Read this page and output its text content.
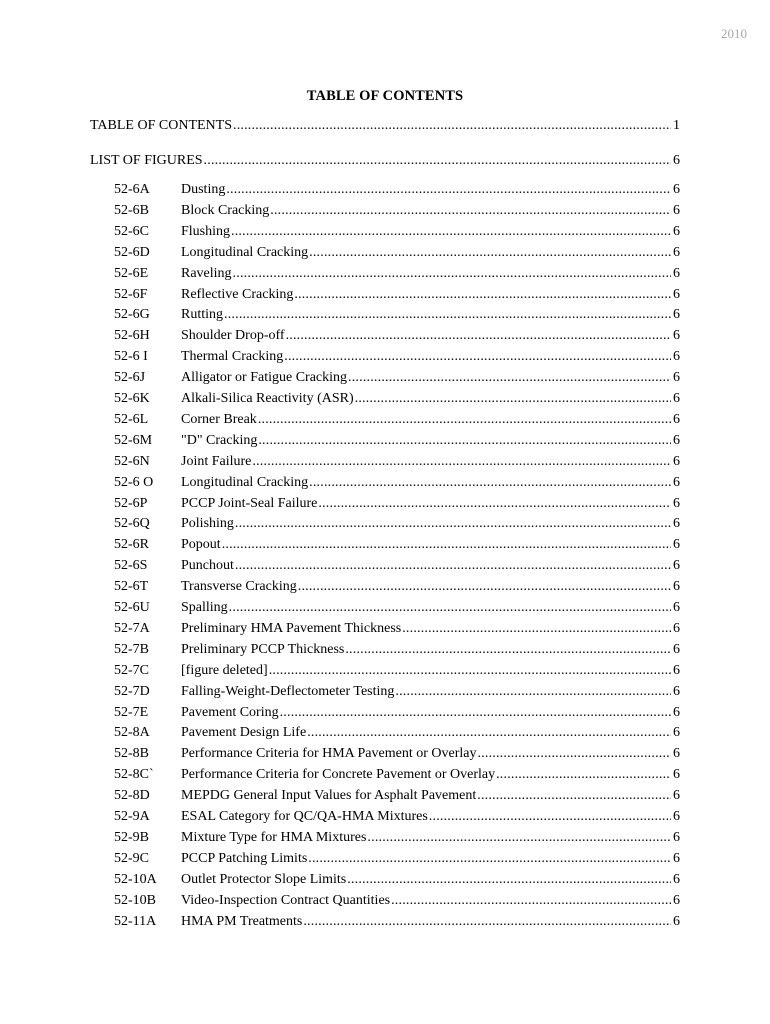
2010
TABLE OF CONTENTS
TABLE OF CONTENTS .....	1
LIST OF FIGURES .....	6
52-6A	Dusting .....	6
52-6B	Block Cracking .....	6
52-6C	Flushing .....	6
52-6D	Longitudinal Cracking .....	6
52-6E	Raveling .....	6
52-6F	Reflective Cracking .....	6
52-6G	Rutting .....	6
52-6H	Shoulder Drop-off .....	6
52-6 I	Thermal Cracking .....	6
52-6J	Alligator or Fatigue Cracking .....	6
52-6K	Alkali-Silica Reactivity (ASR) .....	6
52-6L	Corner Break .....	6
52-6M	"D" Cracking .....	6
52-6N	Joint Failure .....	6
52-6 O	Longitudinal Cracking .....	6
52-6P	PCCP Joint-Seal Failure .....	6
52-6Q	Polishing .....	6
52-6R	Popout .....	6
52-6S	Punchout .....	6
52-6T	Transverse Cracking .....	6
52-6U	Spalling .....	6
52-7A	Preliminary HMA Pavement Thickness .....	6
52-7B	Preliminary PCCP Thickness .....	6
52-7C	[figure deleted] .....	6
52-7D	Falling-Weight-Deflectometer Testing .....	6
52-7E	Pavement Coring .....	6
52-8A	Pavement Design Life .....	6
52-8B	Performance Criteria for HMA Pavement or Overlay .....	6
52-8C`	Performance Criteria for Concrete Pavement or Overlay .....	6
52-8D	MEPDG General Input Values for Asphalt Pavement .....	6
52-9A	ESAL Category for QC/QA-HMA Mixtures .....	6
52-9B	Mixture Type for HMA Mixtures .....	6
52-9C	PCCP Patching Limits .....	6
52-10A	Outlet Protector Slope Limits .....	6
52-10B	Video-Inspection Contract Quantities .....	6
52-11A	HMA PM Treatments .....	6
